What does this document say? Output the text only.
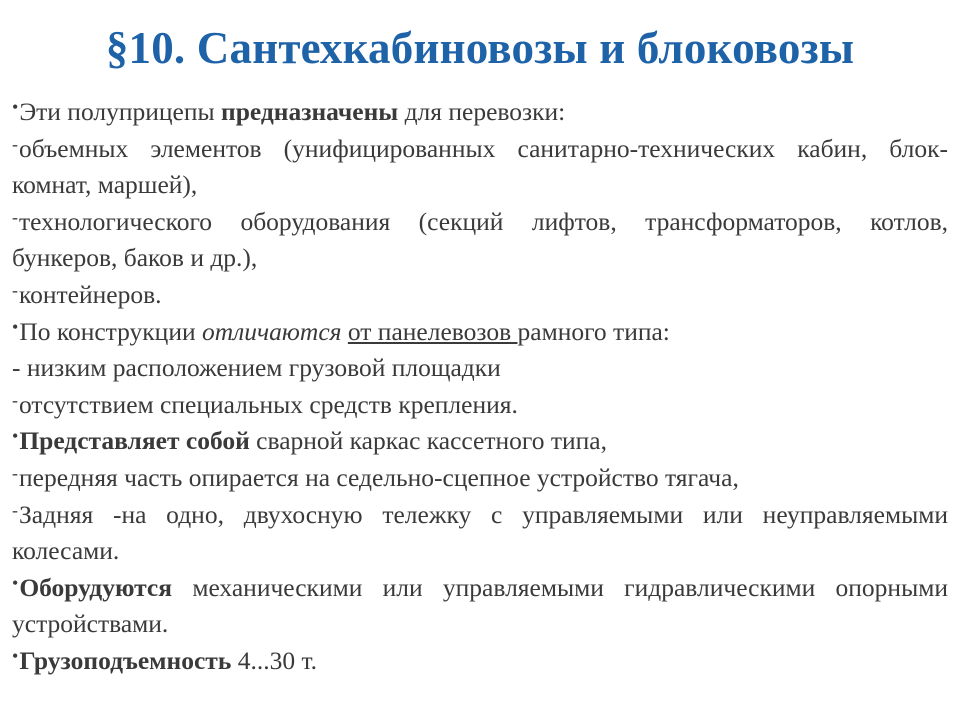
§10. Сантехкабиновозы и блоковозы

•Эти полуприцепы предназначены для перевозки:

-объемных элементов (унифицированных санитарно-технических кабин, блок-комнат, маршей),

-технологического оборудования (секций лифтов, трансформаторов, котлов, бункеров, баков и др.),

-контейнеров.

•По конструкции отличаются от панелевозов рамного типа:

- низким расположением грузовой площадки

-отсутствием специальных средств крепления.

•Представляет собой сварной каркас кассетного типа,

-передняя часть опирается на седельно-сцепное устройство тягача,

-Задняя -на одно, двухосную тележку с управляемыми или неуправляемыми колесами.

•Оборудуются механическими или управляемыми гидравлическими опорными устройствами.

•Грузоподъемность 4...30 т.
